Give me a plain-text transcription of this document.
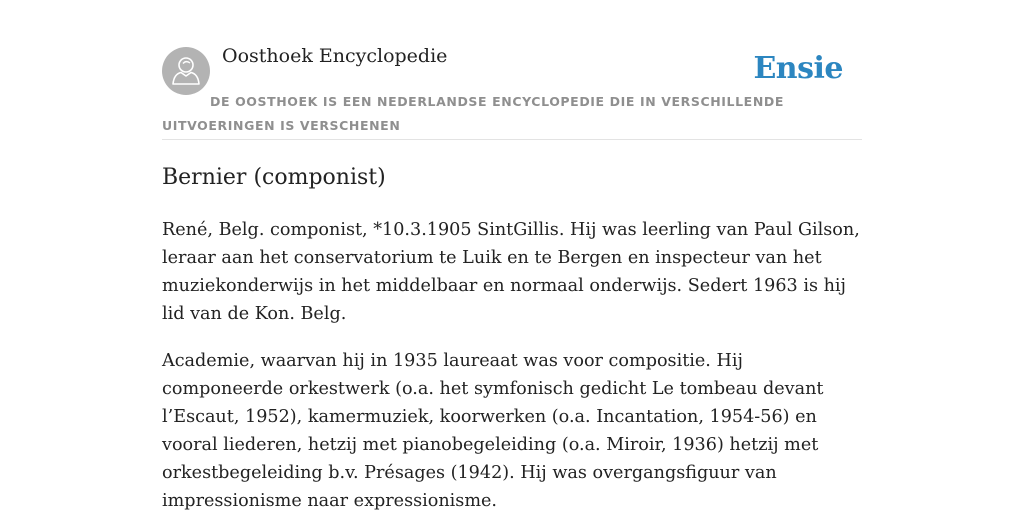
Oosthoek Encyclopedie	Ensie
DE OOSTHOEK IS EEN NEDERLANDSE ENCYCLOPEDIE DIE IN VERSCHILLENDE UITVOERINGEN IS VERSCHENEN
Bernier (componist)

René, Belg. componist, *10.3.1905 SintGillis. Hij was leerling van Paul Gilson, leraar aan het conservatorium te Luik en te Bergen en inspecteur van het muziekonderwijs in het middelbaar en normaal onderwijs. Sedert 1963 is hij lid van de Kon. Belg.

Academie, waarvan hij in 1935 laureaat was voor compositie. Hij componeerde orkestwerk (o.a. het symfonisch gedicht Le tombeau devant l’Escaut, 1952), kamermuziek, koorwerken (o.a. Incantation, 1954-56) en vooral liederen, hetzij met pianobegeleiding (o.a. Miroir, 1936) hetzij met orkestbegeleiding b.v. Présages (1942). Hij was overgangsfiguur van impressionisme naar expressionisme.
